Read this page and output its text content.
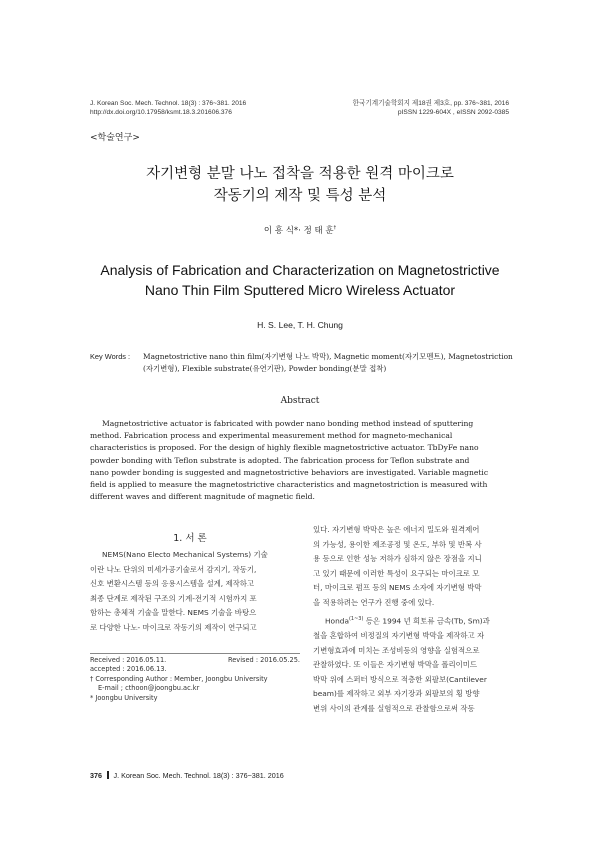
J. Korean Soc. Mech. Technol. 18(3) : 376~381. 2016
http://dx.doi.org/10.17958/ksmt.18.3.201606.376
한국기계기술학회지 제18권 제3호, pp. 376~381, 2016
pISSN 1229-604X , eISSN 2092-0385
<학술연구>
자기변형 분말 나노 접착을 적용한 원격 마이크로
작동기의 제작 및 특성 분석
이 흥 식*· 정 태 훈†
Analysis of Fabrication and Characterization on Magnetostrictive
Nano Thin Film Sputtered Micro Wireless Actuator
H. S. Lee, T. H. Chung
Key Words : Magnetostrictive nano thin film(자기변형 나노 박막), Magnetic moment(자기모멘트), Magnetostriction
(자기변형), Flexible substrate(유연기판), Powder bonding(분말 접착)
Abstract
Magnetostrictive actuator is fabricated with powder nano bonding method instead of sputtering
method. Fabrication process and experimental measurement method for magneto-mechanical
characteristics is proposed. For the design of highly flexible magnetostrictive actuator. TbDyFe nano
powder bonding with Teflon substrate is adopted. The fabrication process for Teflon substrate and
nano powder bonding is suggested and magnetostrictive behaviors are investigated. Variable magnetic
field is applied to measure the magnetostrictive characteristics and magnetostriction is measured with
different waves and different magnitude of magnetic field.
1. 서 론
NEMS(Nano Electo Mechanical Systems) 기술
이란 나노 단위의 미세가공기술로서 감지기, 작동기,
신호 변환시스템 등의 응용시스템을 설계, 제작하고
최종 단계로 제작된 구조의 기계-전기적 시험까지 포
함하는 총체적 기술을 말한다. NEMS 기술을 바탕으
로 다양한 나노- 마이크로 작동기의 제작이 연구되고
있다. 자기변형 박막은 높은 에너지 밀도와 원격제어
의 가능성, 용이한 제조공정 및 온도, 부하 및 반복 사
용 등으로 인한 성능 저하가 심하지 않은 장점을 지니
고 있기 때문에 이러한 특성이 요구되는 마이크로 모
터, 마이크로 펌프 등의 NEMS 소자에 자기변형 박막
을 적용하려는 연구가 진행 중에 있다.
Honda$^{(1\sim 3)}$ 등은 1994 년 희토류 금속(Tb, Sm)과
철을 혼합하여 비정질의 자기변형 박막을 제작하고 자
기변형효과에 미치는 조성비등의 영향을 실험적으로
관찰하였다. 또 이들은 자기변형 박막을 폴리이미드
박막 위에 스퍼터 방식으로 적층한 외팔보(Cantilever
beam)를 제작하고 외부 자기장과 외팔보의 횡 방향
변위 사이의 관계를 실험적으로 관찰함으로써 작동
Received : 2016.05.11.	Revised : 2016.05.25.
accepted : 2016.06.13.
† Corresponding Author : Member, Joongbu University
E-mail ; cthoon@joongbu.ac.kr
* Joongbu University
376 J. Korean Soc. Mech. Technol. 18(3) : 376~381. 2016
